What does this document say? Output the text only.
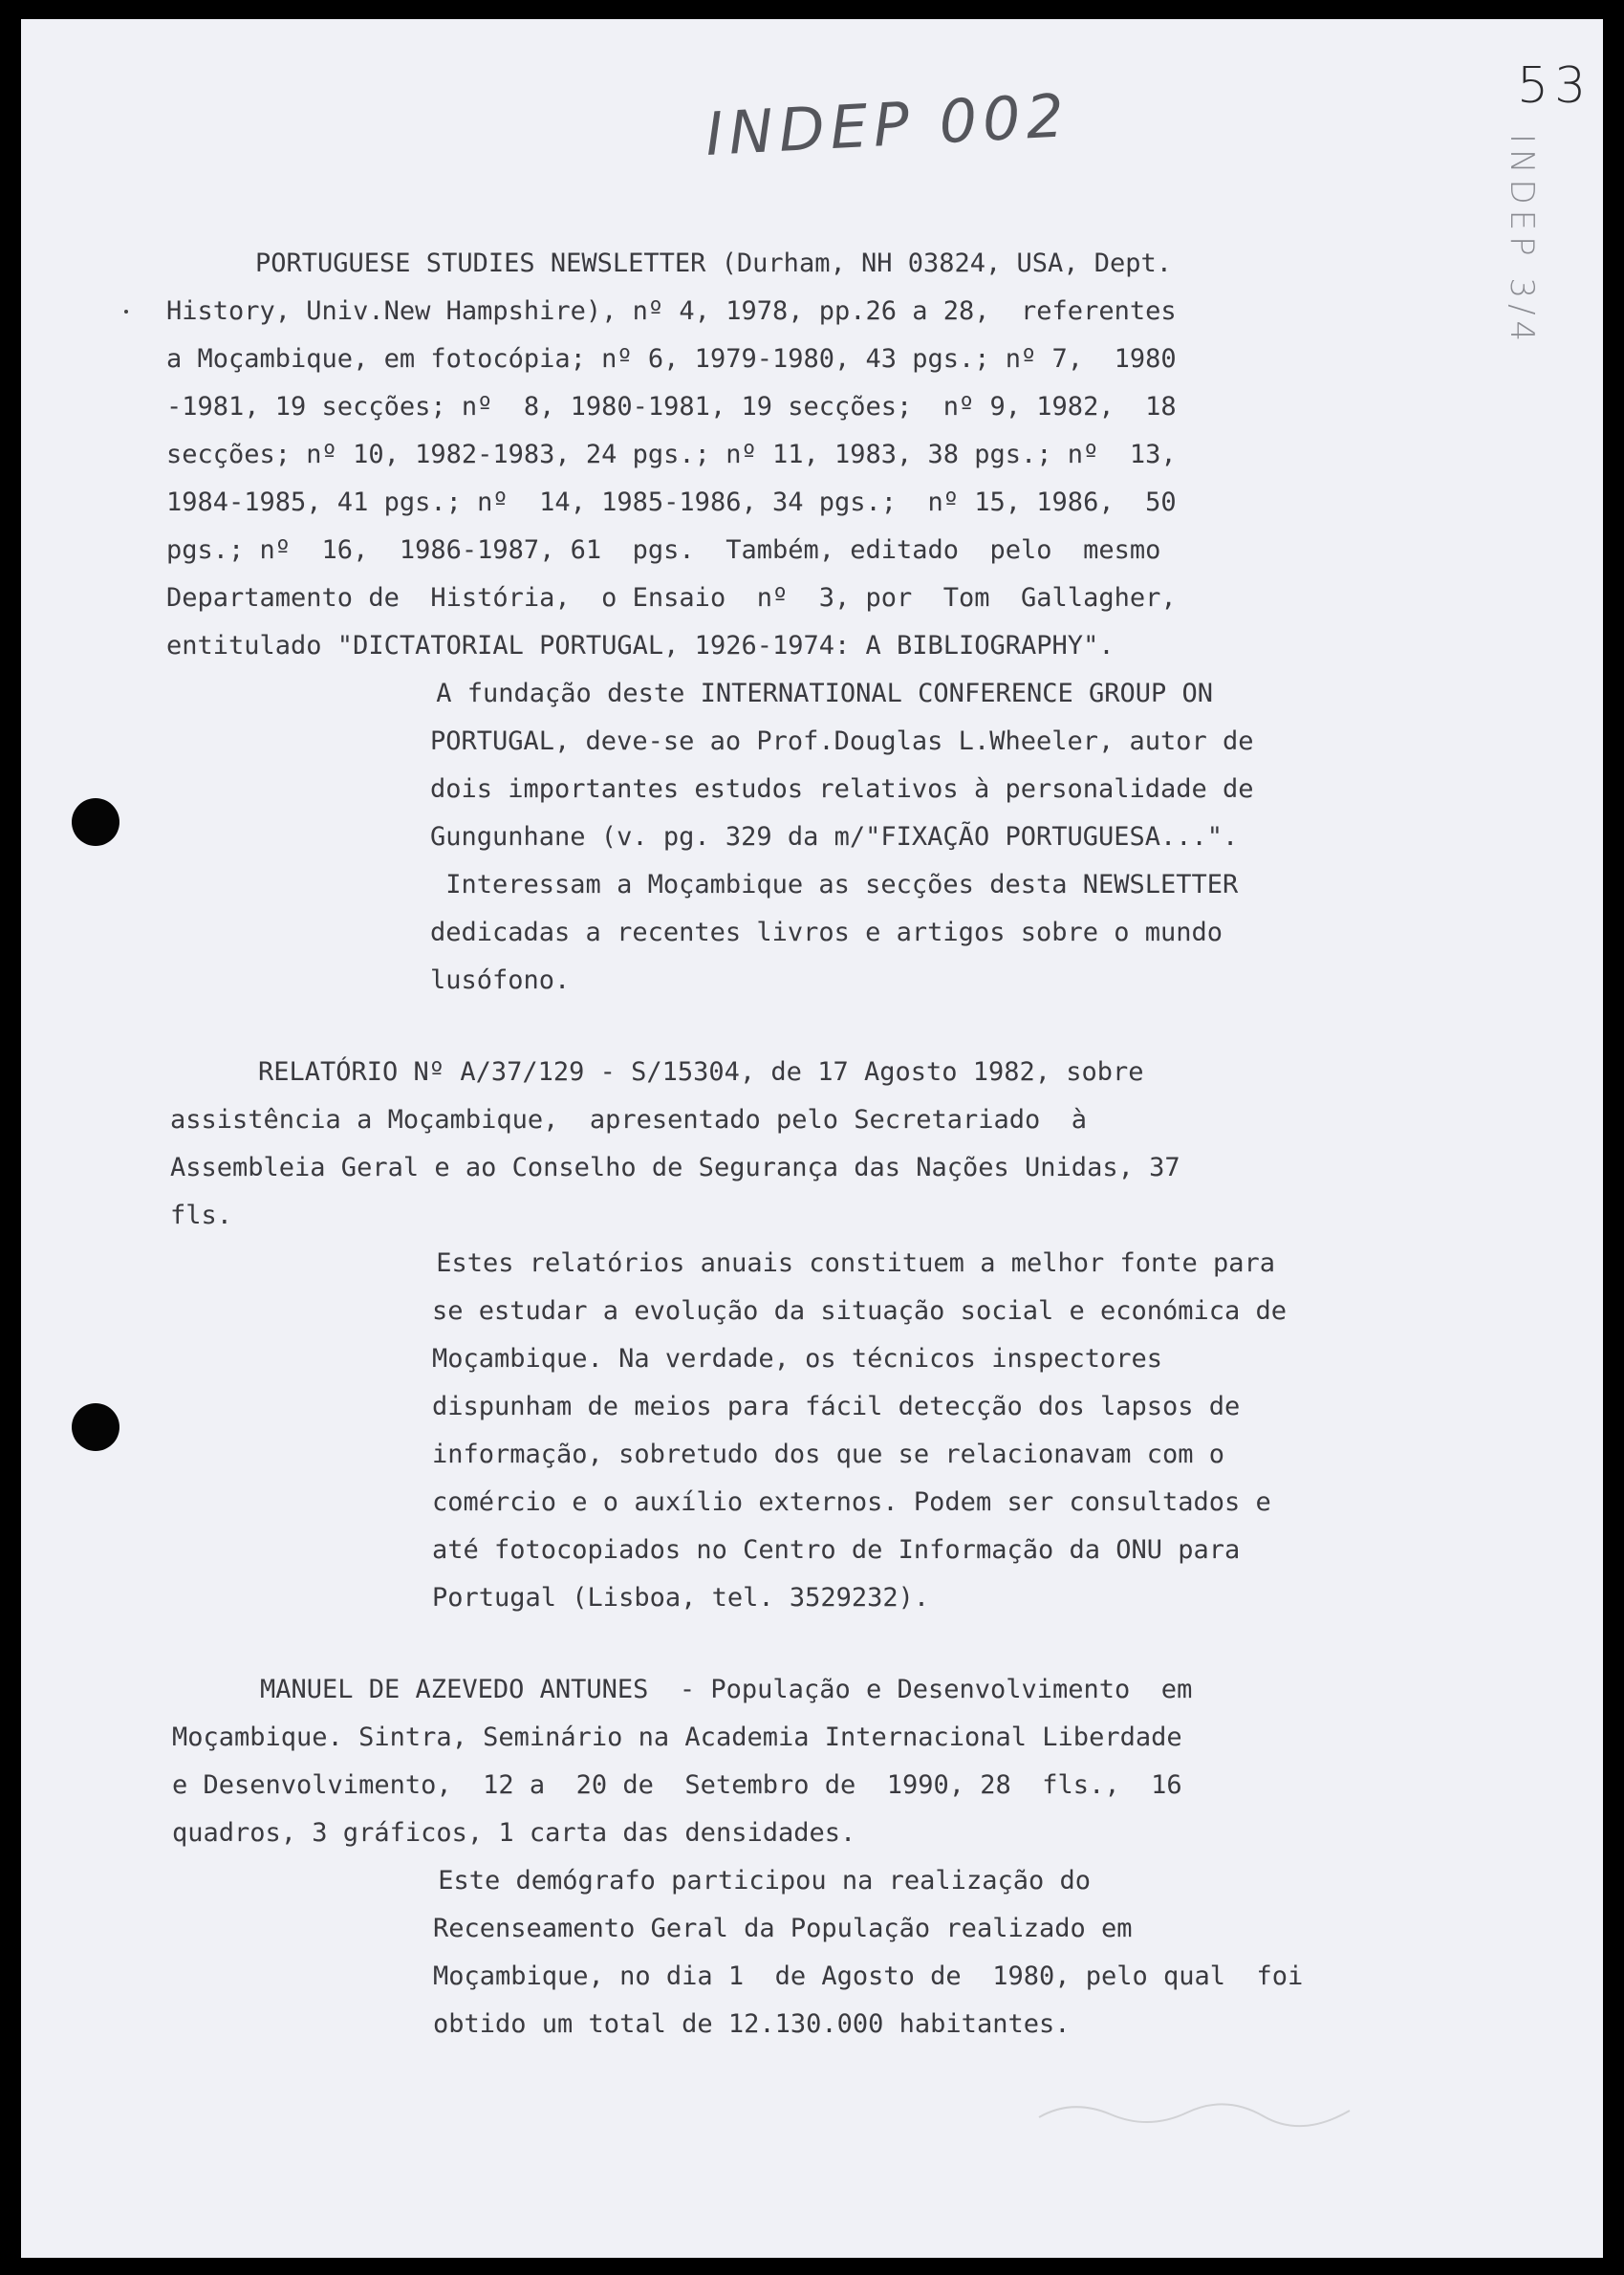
INDEP 002	53
INDEP 3/4
PORTUGUESE STUDIES NEWSLETTER (Durham, NH 03824, USA, Dept.
History, Univ.New Hampshire), nº 4, 1978, pp.26 a 28,  referentes
a Moçambique, em fotocópia; nº 6, 1979-1980, 43 pgs.; nº 7,  1980
-1981, 19 secções; nº  8, 1980-1981, 19 secções;  nº 9, 1982,  18
secções; nº 10, 1982-1983, 24 pgs.; nº 11, 1983, 38 pgs.; nº  13,
1984-1985, 41 pgs.; nº  14, 1985-1986, 34 pgs.;  nº 15, 1986,  50
pgs.; nº  16,  1986-1987, 61  pgs.  Também, editado  pelo  mesmo
Departamento de  História,  o Ensaio  nº  3, por  Tom  Gallagher,
entitulado "DICTATORIAL PORTUGAL, 1926-1974: A BIBLIOGRAPHY".
A fundação deste INTERNATIONAL CONFERENCE GROUP ON
PORTUGAL, deve-se ao Prof.Douglas L.Wheeler, autor de
dois importantes estudos relativos à personalidade de
Gungunhane (v. pg. 329 da m/"FIXAÇÃO PORTUGUESA...".
Interessam a Moçambique as secções desta NEWSLETTER
dedicadas a recentes livros e artigos sobre o mundo
lusófono.
RELATÓRIO Nº A/37/129 - S/15304, de 17 Agosto 1982, sobre
assistência a Moçambique,  apresentado pelo Secretariado  à
Assembleia Geral e ao Conselho de Segurança das Nações Unidas, 37
fls.
Estes relatórios anuais constituem a melhor fonte para
se estudar a evolução da situação social e económica de
Moçambique. Na verdade, os técnicos inspectores
dispunham de meios para fácil detecção dos lapsos de
informação, sobretudo dos que se relacionavam com o
comércio e o auxílio externos. Podem ser consultados e
até fotocopiados no Centro de Informação da ONU para
Portugal (Lisboa, tel. 3529232).
MANUEL DE AZEVEDO ANTUNES  - População e Desenvolvimento  em
Moçambique. Sintra, Seminário na Academia Internacional Liberdade
e Desenvolvimento,  12 a  20 de  Setembro de  1990, 28  fls.,  16
quadros, 3 gráficos, 1 carta das densidades.
Este demógrafo participou na realização do
Recenseamento Geral da População realizado em
Moçambique, no dia 1  de Agosto de  1980, pelo qual  foi
obtido um total de 12.130.000 habitantes.
